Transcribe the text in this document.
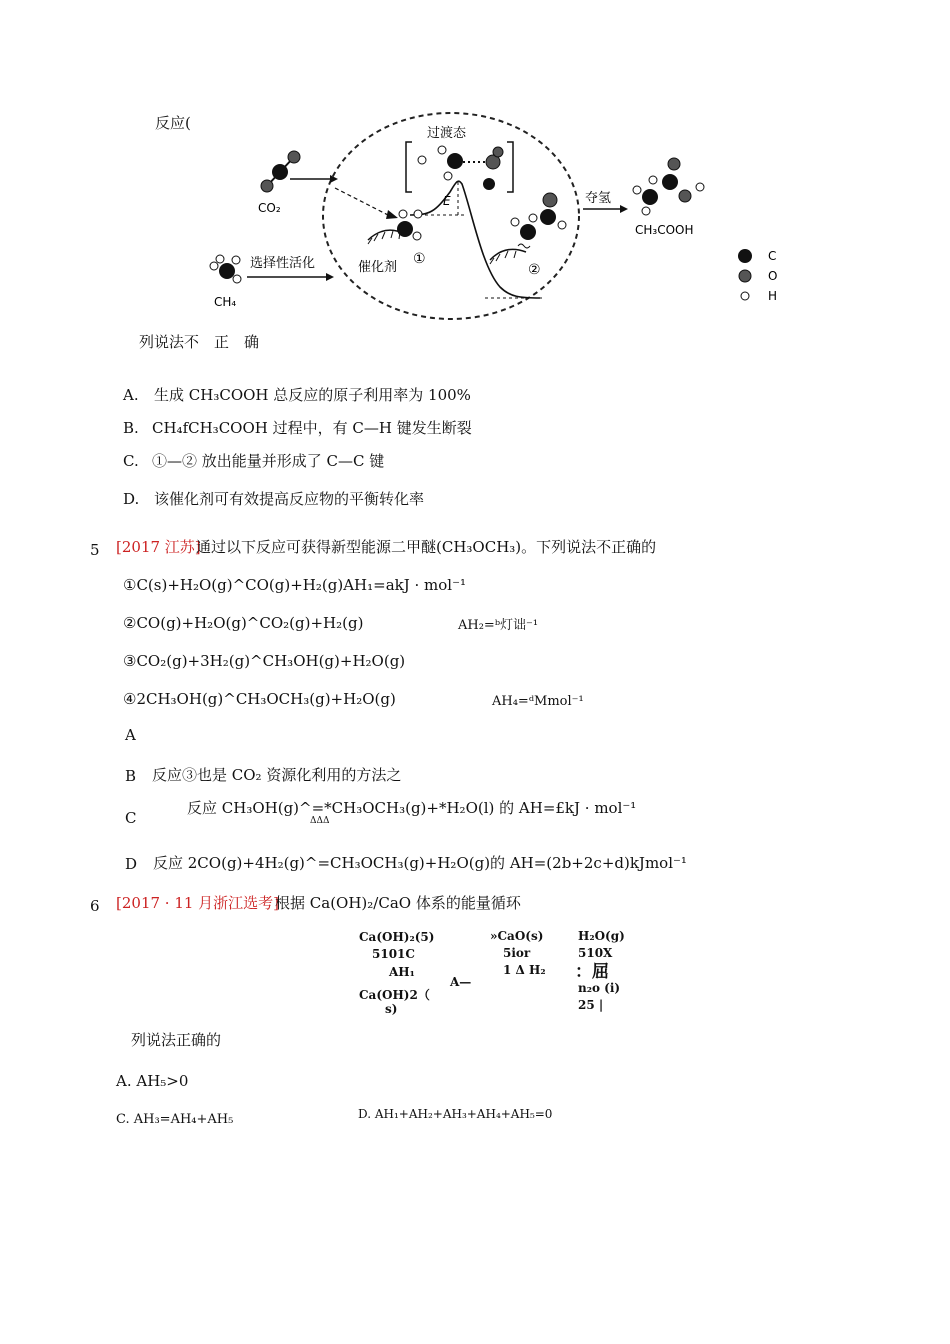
反应(
CO₂
CH₄
选择性活化
过渡态
E
催化剂
①
②
夺氢
CH₃COOH
C
O
H
列说法不　正　确
A. 生成 CH₃COOH 总反应的原子利用率为 100%
B. CH₄fCH₃COOH 过程中，有 C—H 键发生断裂
C. ①—② 放出能量并形成了 C—C 键
D. 该催化剂可有效提高反应物的平衡转化率
5 [2017 江苏]
通过以下反应可获得新型能源二甲醚(CH₃OCH₃)。下列说法不正确的
①C(s)+H₂O(g)^CO(g)+H₂(g)AH₁=akJ · mol⁻¹
②CO(g)+H₂O(g)^CO₂(g)+H₂(g)	AH₂=ᵇ灯诎⁻¹
③CO₂(g)+3H₂(g)^CH₃OH(g)+H₂O(g)
④2CH₃OH(g)^CH₃OCH₃(g)+H₂O(g)	AH₄=ᵈMmol⁻¹
A
B 反应③也是 CO₂ 资源化利用的方法之
C
反应 CH₃OH(g)^=*CH₃OCH₃(g)+*H₂O(l) 的 AH=£kJ · mol⁻¹
ΔΔΔ
D 反应 2CO(g)+4H₂(g)^=CH₃OCH₃(g)+H₂O(g)的 AH=(2b+2c+d)kJmol⁻¹
6 [2017 · 11 月浙江选考]
根据 Ca(OH)₂/CaO 体系的能量循环
Ca(OH)₂(5)
5101C
AH₁
Ca(OH)2（
s)
»CaO(s)
5ior
1 Δ H₂
A—
H₂O(g)
510X
：屈
n₂o (i)
25 |
列说法正确的
A. AH₅>0
C. AH₃=AH₄+AH₅	D. AH₁+AH₂+AH₃+AH₄+AH₅=0
